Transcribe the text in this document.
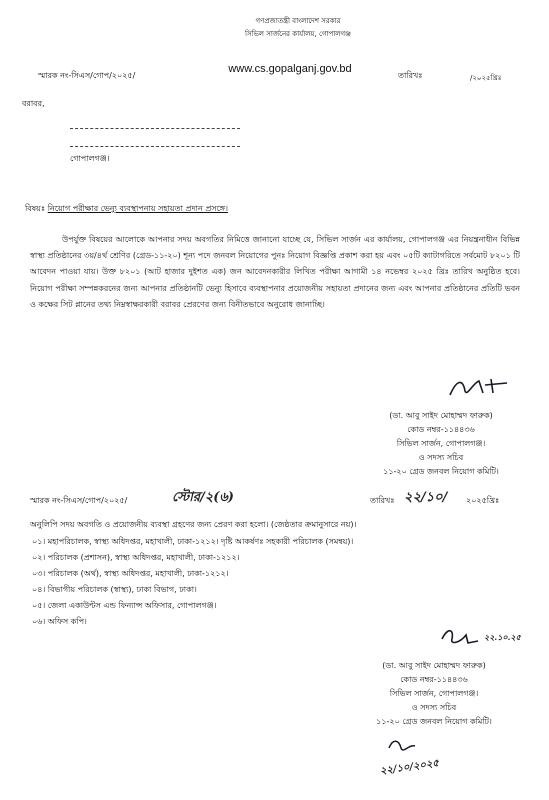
গণপ্রজাতন্ত্রী বাংলাদেশ সরকার
সিভিল সার্জনের কার্যালয়, গোপালগঞ্জ
স্মারক নং-সিএস/গোপ/২০২৫/
www.cs.gopalganj.gov.bd
তারিখঃ	/২০২৫খ্রিঃ
বরাবর,
গোপালগঞ্জ।
বিষয়ঃ নিয়োগ পরীক্ষার ভেন্যু ব্যবস্থাপনায় সহায়তা প্রদান প্রসঙ্গে।
উপর্যুক্ত বিষয়ের আলোকে আপনার সদয় অবগতির নিমিত্তে জানানো যাচ্ছে যে, সিভিল সার্জন এর কার্যালয়, গোপালগঞ্জ এর নিয়ন্ত্রনাধীন বিভিন্ন স্বাস্থ্য প্রতিষ্ঠানের ৩য়/৪র্থ শ্রেণির (গ্রেড-১১-২০) শূন্য পদে জনবল নিয়োগের পুনঃ নিয়োগ বিজ্ঞপ্তি প্রকাশ করা হয় এবং ০৫টি ক্যাটাগরিতে সর্বমোট ৮২০১ টি আবেদন পাওয়া যায়। উক্ত ৮২০১ (আট হাজার দুইশত এক) জন আবেদনকারীর লিখিত পরীক্ষা আগামী ১৪ নভেম্বর ২০২৫ খ্রিঃ তারিখ অনুষ্ঠিত হবে। নিয়োগ পরীক্ষা সম্পন্নকরনের জন্য আপনার প্রতিষ্ঠানটি ভেন্যু হিসাবে ব্যবস্থাপনার প্রয়োজনীয় সহায়তা প্রদানের জন্য এবং আপনার প্রতিষ্ঠানের প্রতিটি ভবন ও কক্ষের সিট প্লানের তথ্য নিম্নস্বাক্ষরকারী বরাবর প্রেরণের জন্য বিনীতভাবে অনুরোধ জানাচ্ছি।
(ডা. আবু সাইদ মোহাম্মদ ফারুক)
কোড নম্বর-১১৪৪৩৬
সিভিল সার্জন, গোপালগঞ্জ।
ও সদস্য সচিব
১১-২০ গ্রেড জনবল নিয়োগ কমিটি।
স্মারক নং-সিএস/গোপ/২০২৫/	স্টোর/২(৬)	তারিখঃ ২২/১০/ ২০২৫খ্রিঃ
অনুলিপি সদয় অবগতি ও প্রয়োজনীয় ব্যবস্থা গ্রহণের জন্য প্রেরণ করা হলো। (জেষ্ঠতার ক্রমানুসারে নয়)।
০১। মহাপরিচালক, স্বাস্থ্য অধিদপ্তর, মহাখালী, ঢাকা-১২১২। দৃষ্টি আকর্ষণঃ সহকারী পরিচালক (সমন্বয়)।
০২। পরিচালক (প্রশাসন), স্বাস্থ্য অধিদপ্তর, মহাখালী, ঢাকা-১২১২।
০৩। পরিচালক (অর্থ), স্বাস্থ্য অধিদপ্তর, মহাখালী, ঢাকা-১২১২।
০৪। বিভাগীয় পরিচালক (স্বাস্থ্য), ঢাকা বিভাগ, ঢাকা।
০৫। জেলা একাউন্টস এন্ড ফিন্যান্স অফিসার, গোপালগঞ্জ।
০৬। অফিস কপি।
২২.১০.২৫
(ডা. আবু সাইদ মোহাম্মদ ফারুক)
কোড নম্বর-১১৪৪৩৬
সিভিল সার্জন, গোপালগঞ্জ।
ও সদস্য সচিব
১১-২০ গ্রেড জনবল নিয়োগ কমিটি।
২২/১০/২০২৫
